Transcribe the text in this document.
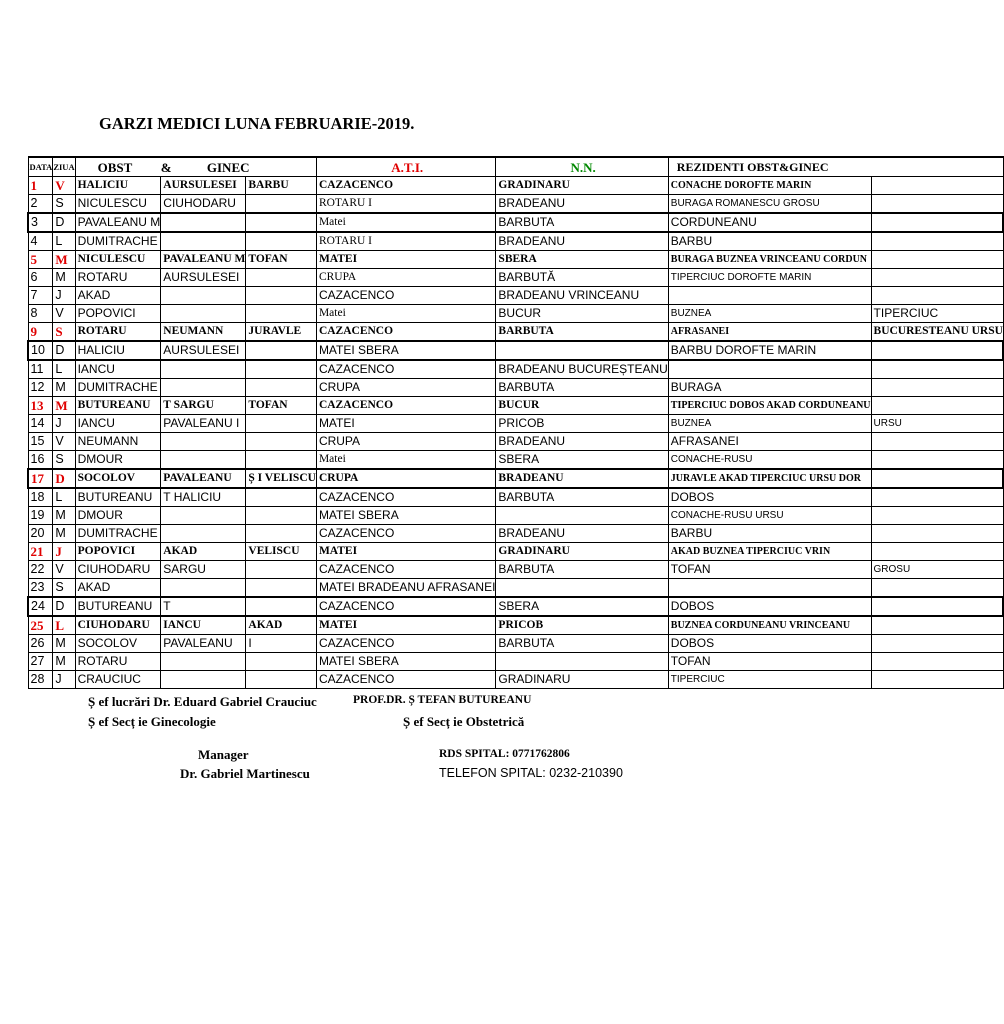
GARZI MEDICI LUNA FEBRUARIE-2019.
DATA	ZIUA	OBST	&	GINEC	A.T.I.	N.N.	REZIDENTI OBST&GINEC	
1	V	HALICIU	AURSULESEI	BARBU	CAZACENCO	GRADINARU	CONACHE DOROFTE MARIN	
2	S	NICULESCU	CIUHODARU		ROTARU I	BRADEANU	BURAGA ROMANESCU GROSU	
3	D	PAVALEANU M			Matei	BARBUTA	CORDUNEANU	
4	L	DUMITRACHE			ROTARU I	BRADEANU	BARBU	
5	M	NICULESCU	PAVALEANU M	TOFAN	MATEI	SBERA	BURAGA BUZNEA VRINCEANU CORDUN	
6	M	ROTARU	AURSULESEI		CRUPA	BARBUTĂ	TIPERCIUC DOROFTE MARIN	
7	J	AKAD			CAZACENCO	BRADEANU VRINCEANU		
8	V	POPOVICI			Matei	BUCUR	BUZNEA	TIPERCIUC
9	S	ROTARU	NEUMANN	JURAVLE	CAZACENCO	BARBUTA	AFRASANEI	BUCURESTEANU URSU
10	D	HALICIU	AURSULESEI		MATEI SBERA		BARBU DOROFTE MARIN	
11	L	IANCU			CAZACENCO	BRADEANU BUCUREȘTEANU		
12	M	DUMITRACHE			CRUPA	BARBUTA	BURAGA	
13	M	BUTUREANU	T SARGU	TOFAN	CAZACENCO	BUCUR	TIPERCIUC DOBOS AKAD CORDUNEANU	
14	J	IANCU	PAVALEANU I		MATEI	PRICOB	BUZNEA	URSU
15	V	NEUMANN			CRUPA	BRADEANU	AFRASANEI	
16	S	DMOUR			Matei	SBERA	CONACHE-RUSU	
17	D	SOCOLOV	PAVALEANU	Ș I VELISCU	CRUPA	BRADEANU	JURAVLE AKAD TIPERCIUC URSU DOR	
18	L	BUTUREANU	T HALICIU		CAZACENCO	BARBUTA	DOBOS	
19	M	DMOUR			MATEI SBERA		CONACHE-RUSU URSU	
20	M	DUMITRACHE			CAZACENCO	BRADEANU	BARBU	
21	J	POPOVICI	AKAD	VELISCU	MATEI	GRADINARU	AKAD BUZNEA TIPERCIUC VRIN	
22	V	CIUHODARU	SARGU		CAZACENCO	BARBUTA	TOFAN	GROSU
23	S	AKAD			MATEI BRADEANU AFRASANEI			
24	D	BUTUREANU	T		CAZACENCO	SBERA	DOBOS	
25	L	CIUHODARU	IANCU	AKAD	MATEI	PRICOB	BUZNEA CORDUNEANU VRINCEANU	
26	M	SOCOLOV	PAVALEANU	I	CAZACENCO	BARBUTA	DOBOS	
27	M	ROTARU			MATEI SBERA		TOFAN	
28	J	CRAUCIUC			CAZACENCO	GRADINARU	TIPERCIUC	
Ș ef lucrări Dr. Eduard Gabriel Crauciuc
Ș ef Secț ie Ginecologie
PROF.DR. Ș TEFAN BUTUREANU
Ș ef Secț ie Obstetrică
Manager
Dr. Gabriel Martinescu
RDS SPITAL: 0771762806
TELEFON SPITAL: 0232-210390
